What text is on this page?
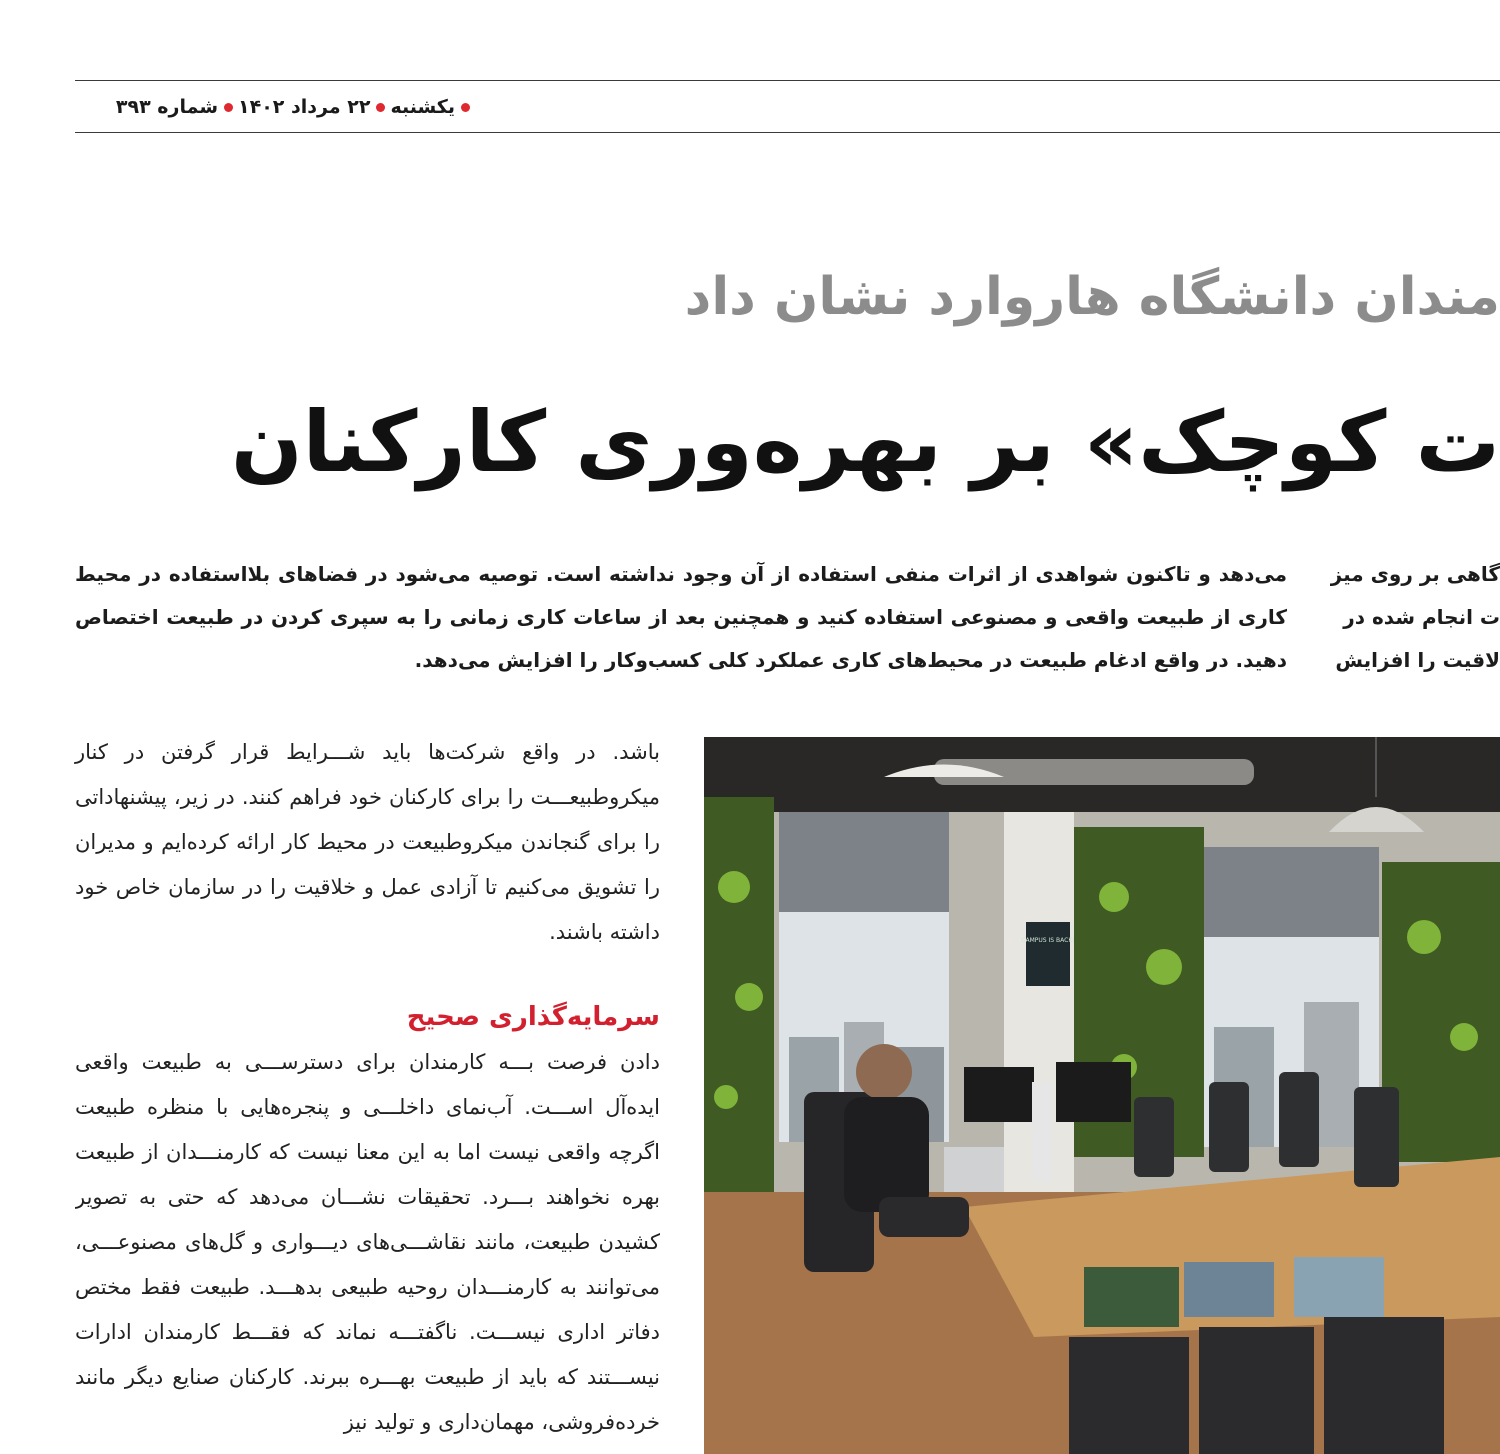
یکشنبه۲۲ مرداد ۱۴۰۲شماره ۳۹۳
مندان دانشگاه هاروارد نشان داد
ت کوچک» بر بهره‌وری کارکنان
گاهی بر روی میز
ت انجام شده در
لاقیت را افزایش
می‌دهد و تاکنون شواهدی از اثرات منفی استفاده از آن وجود نداشته است. توصیه می‌شود در فضاهای بلااستفاده در محیط کاری از طبیعت واقعی و مصنوعی استفاده کنید و همچنین بعد از ساعات کاری زمانی را به سپری کردن در طبیعت اختصاص دهید. در واقع ادغام طبیعت در محیط‌های کاری عملکرد کلی کسب‌و‌کار را افزایش می‌دهد.
باشد. در واقع شرکت‌ها باید شـــرایط قرار گرفتن در کنار میکروطبیعـــت را برای کارکنان خود فراهم کنند. در زیر، پیشنهاداتی را برای گنجاندن میکروطبیعت در محیط کار ارائه کرده‌ایم و مدیران را تشویق می‌کنیم تا آزادی عمل و خلاقیت را در سازمان خاص خود داشته باشند.
سرمایه‌گذاری صحیح
دادن فرصت بـــه کارمندان برای دسترســـی به طبیعت واقعی ایده‌آل اســـت. آب‌نمای داخلـــی و پنجره‌هایی با منظره طبیعت اگرچه واقعی نیست اما به این معنا نیست که کارمنـــدان از طبیعت بهره نخواهند بـــرد. تحقیقات نشـــان می‌دهد که حتی به تصویر کشیدن طبیعت، مانند نقاشـــی‌های دیـــواری و گل‌های مصنوعـــی، می‌توانند به کارمنـــدان روحیه طبیعی بدهـــد. طبیعت فقط مختص دفاتر اداری نیســـت. ناگفتـــه نماند که فقـــط کارمندان ادارات نیســـتند که باید از طبیعت بهـــره ببرند. کارکنان صنایع دیگر مانند خرده‌فروشی، مهمان‌داری و تولید نیز
CAMPUS IS BACK!
